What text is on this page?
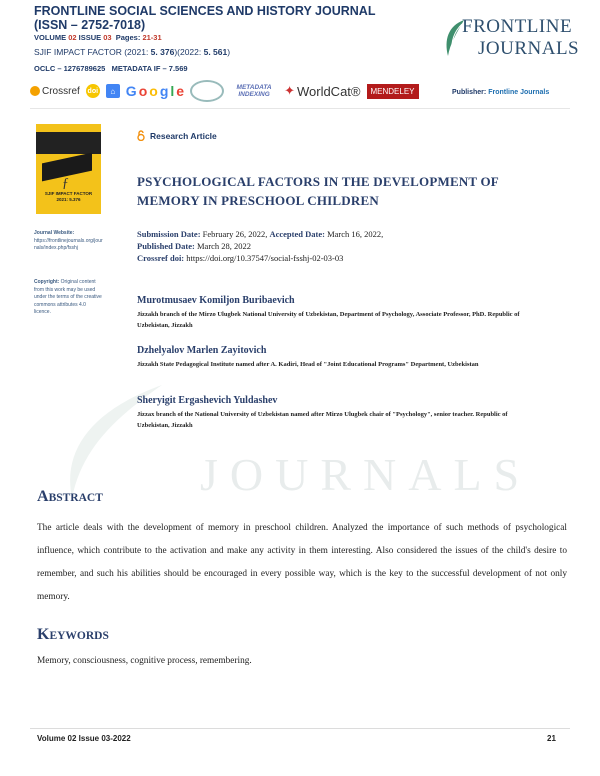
FRONTLINE SOCIAL SCIENCES AND HISTORY JOURNAL
(ISSN – 2752-7018)
VOLUME 02 ISSUE 03 Pages: 21-31
SJIF IMPACT FACTOR (2021: 5. 376)(2022: 5. 561)
OCLC – 1276789625 METADATA IF – 7.569
FRONTLINE
JOURNALS
Crossref doi	⌂ G o o g l e	METADATA INDEXING	✦ WorldCat®	MENDELEY	Publisher: Frontline Journals
ƒ
SJIF IMPACT FACTOR 2021: 5.376
Journal Website:
https://frontlinejournals.org/journals/index.php/fsshj
Copyright: Original content from this work may be used under the terms of the creative commons attributes 4.0 licence.
JOURNALS
Research Article
PSYCHOLOGICAL FACTORS IN THE DEVELOPMENT OF MEMORY IN PRESCHOOL CHILDREN
Submission Date: February 26, 2022, Accepted Date: March 16, 2022,
Published Date: March 28, 2022
Crossref doi: https://doi.org/10.37547/social-fsshj-02-03-03
Murotmusaev Komiljon Buribaevich
Jizzakh branch of the Mirzo Ulugbek National University of Uzbekistan, Department of Psychology, Associate Professor, PhD. Republic of Uzbekistan, Jizzakh
Dzhelyalov Marlen Zayitovich
Jizzakh State Pedagogical Institute named after A. Kadiri, Head of "Joint Educational Programs" Department, Uzbekistan
Sheryigit Ergashevich Yuldashev
Jizzax branch of the National University of Uzbekistan named after Mirzo Ulugbek chair of "Psychology", senior teacher. Republic of Uzbekistan, Jizzakh
ABSTRACT
The article deals with the development of memory in preschool children. Analyzed the importance of such methods of psychological influence, which contribute to the activation and make any activity in them interesting. Also considered the issues of the child's desire to remember, and such his abilities should be encouraged in every possible way, which is the key to the successful development of not only memory.
KEYWORDS
Memory, consciousness, cognitive process, remembering.
Volume 02 Issue 03-2022	21
